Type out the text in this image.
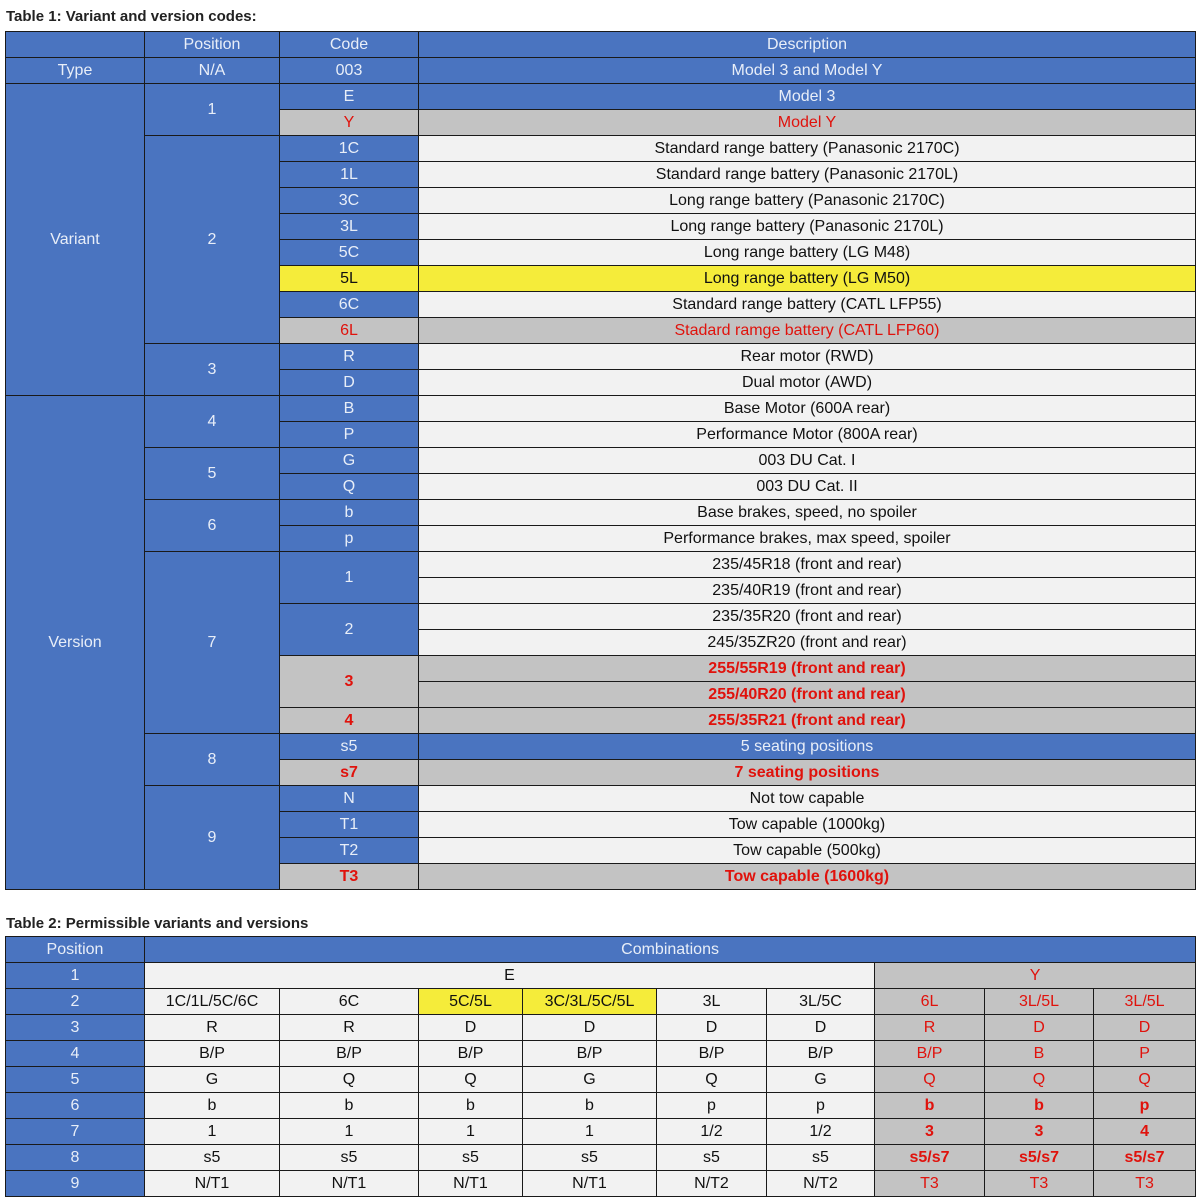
Table 1: Variant and version codes:
	Position	Code	Description
Type	N/A	003	Model 3 and Model Y
Variant	1	E	Model 3
		Y	Model Y
	2	1C	Standard range battery (Panasonic 2170C)
		1L	Standard range battery (Panasonic 2170L)
		3C	Long range battery (Panasonic 2170C)
		3L	Long range battery (Panasonic 2170L)
		5C	Long range battery (LG M48)
		5L	Long range battery (LG M50)
		6C	Standard range battery (CATL LFP55)
		6L	Stadard ramge battery (CATL LFP60)
	3	R	Rear motor (RWD)
		D	Dual motor (AWD)
Version	4	B	Base Motor (600A rear)
		P	Performance Motor (800A rear)
	5	G	003 DU Cat. I
		Q	003 DU Cat. II
	6	b	Base brakes, speed, no spoiler
		p	Performance brakes, max speed, spoiler
	7	1	235/45R18 (front and rear)
			235/40R19 (front and rear)
		2	235/35R20 (front and rear)
			245/35ZR20 (front and rear)
		3	255/55R19 (front and rear)
			255/40R20 (front and rear)
		4	255/35R21 (front and rear)
	8	s5	5 seating positions
		s7	7 seating positions
	9	N	Not tow capable
		T1	Tow capable (1000kg)
		T2	Tow capable (500kg)
		T3	Tow capable (1600kg)
Table 2: Permissible variants and versions
Position	Combinations								
1	E						Y		
2	1C/1L/5C/6C	6C	5C/5L	3C/3L/5C/5L	3L	3L/5C	6L	3L/5L	3L/5L
3	R	R	D	D	D	D	R	D	D
4	B/P	B/P	B/P	B/P	B/P	B/P	B/P	B	P
5	G	Q	Q	G	Q	G	Q	Q	Q
6	b	b	b	b	p	p	b	b	p
7	1	1	1	1	1/2	1/2	3	3	4
8	s5	s5	s5	s5	s5	s5	s5/s7	s5/s7	s5/s7
9	N/T1	N/T1	N/T1	N/T1	N/T2	N/T2	T3	T3	T3
